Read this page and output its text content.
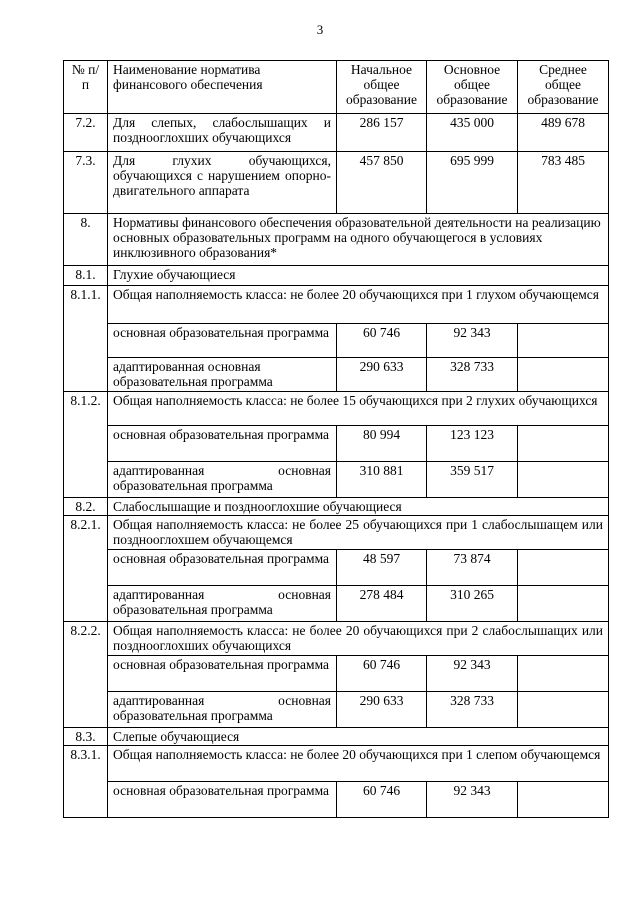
3
№ п/п	Наименование норматива финансового обеспечения	Начальное общее образование	Основное общее образование	Среднее общее образование
7.2.	Для слепых, слабослышащих и позднооглохших обучающихся	286 157	435 000	489 678
7.3.	Для глухих обучающихся, обучающихся с нарушением опорно-двигательного аппарата	457 850	695 999	783 485
8.	Нормативы финансового обеспечения образовательной деятельности на реализацию основных образовательных программ на одного обучающегося в условиях инклюзивного образования*			
8.1.	Глухие обучающиеся			
8.1.1.	Общая наполняемость класса: не более 20 обучающихся при 1 глухом обучающемся			
	основная образовательная программа	60 746	92 343	
	адаптированная основная образовательная программа	290 633	328 733	
8.1.2.	Общая наполняемость класса: не более 15 обучающихся при 2 глухих обучающихся			
	основная образовательная программа	80 994	123 123	
	адаптированная основная образовательная программа	310 881	359 517	
8.2.	Слабослышащие и позднооглохшие обучающиеся			
8.2.1.	Общая наполняемость класса: не более 25 обучающихся при 1 слабослышащем или позднооглохшем обучающемся			
	основная образовательная программа	48 597	73 874	
	адаптированная основная образовательная программа	278 484	310 265	
8.2.2.	Общая наполняемость класса: не более 20 обучающихся при 2 слабослышащих или позднооглохших обучающихся			
	основная образовательная программа	60 746	92 343	
	адаптированная основная образовательная программа	290 633	328 733	
8.3.	Слепые обучающиеся			
8.3.1.	Общая наполняемость класса: не более 20 обучающихся при 1 слепом обучающемся			
	основная образовательная программа	60 746	92 343	
